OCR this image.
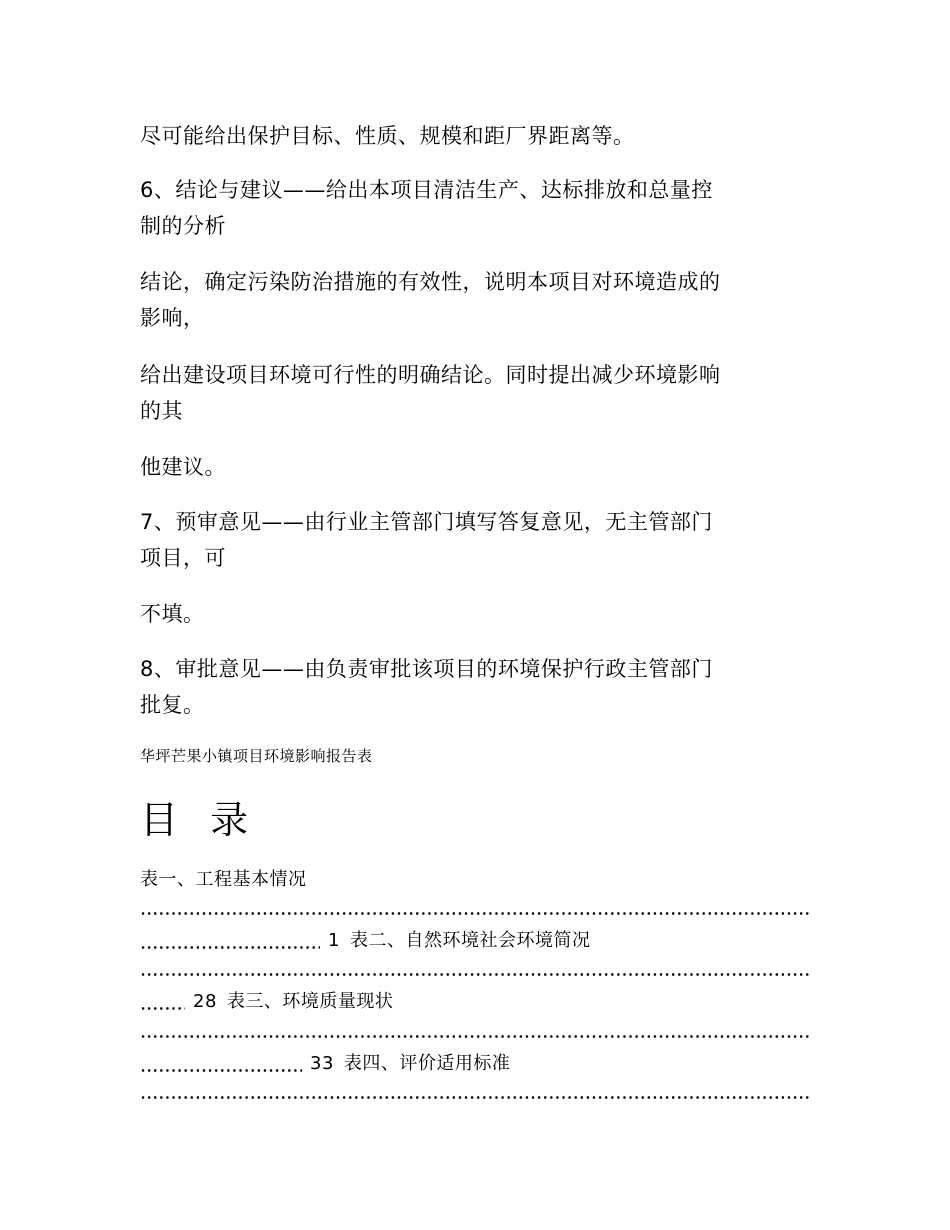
尽可能给出保护目标、性质、规模和距厂界距离等。
6、结论与建议——给出本项目清洁生产、达标排放和总量控
制的分析
结论，确定污染防治措施的有效性，说明本项目对环境造成的
影响，
给出建设项目环境可行性的明确结论。同时提出减少环境影响
的其
他建议。
7、预审意见——由行业主管部门填写答复意见，无主管部门
项目，可
不填。
8、审批意见——由负责审批该项目的环境保护行政主管部门
批复。
华坪芒果小镇项目环境影响报告表
目 录
表一、工程基本情况
1 表二、自然环境社会环境简况
28 表三、环境质量现状
33 表四、评价适用标准
